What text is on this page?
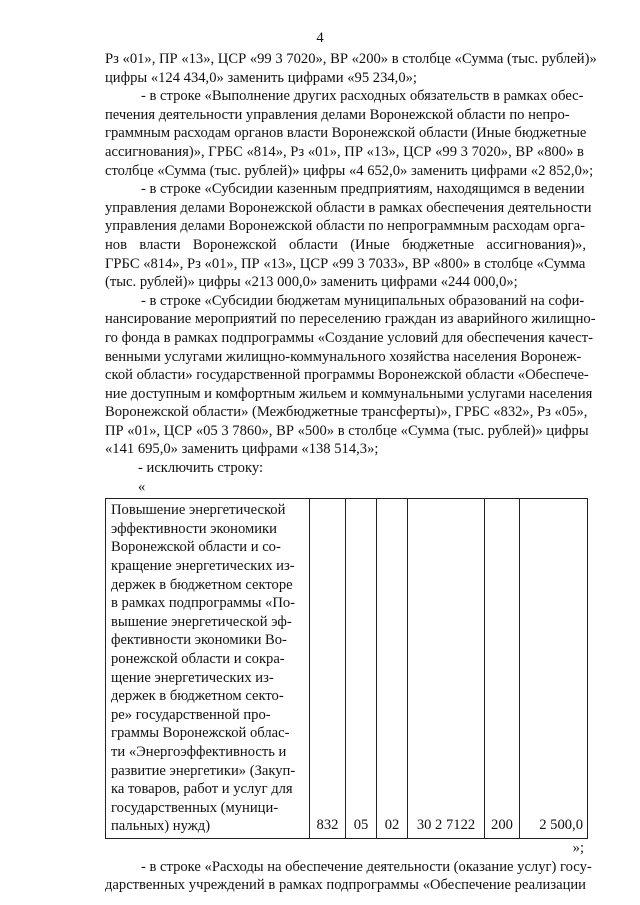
4
Рз «01», ПР «13», ЦСР «99 3 7020», ВР «200» в столбце «Сумма (тыс. рублей)»
цифры «124 434,0» заменить цифрами «95 234,0»;
- в строке «Выполнение других расходных обязательств в рамках обес-
печения деятельности управления делами Воронежской области по непро-
граммным расходам органов власти Воронежской области (Иные бюджетные
ассигнования)», ГРБС «814», Рз «01», ПР «13», ЦСР «99 3 7020», ВР «800» в
столбце «Сумма (тыс. рублей)» цифры «4 652,0» заменить цифрами «2 852,0»;
- в строке «Субсидии казенным предприятиям, находящимся в ведении
управления делами Воронежской области в рамках обеспечения деятельности
управления делами Воронежской области по непрограммным расходам орга-
нов власти Воронежской области (Иные бюджетные ассигнования)»,
ГРБС «814», Рз «01», ПР «13», ЦСР «99 3 7033», ВР «800» в столбце «Сумма
(тыс. рублей)» цифры «213 000,0» заменить цифрами «244 000,0»;
- в строке «Субсидии бюджетам муниципальных образований на софи-
нансирование мероприятий по переселению граждан из аварийного жилищно-
го фонда в рамках подпрограммы «Создание условий для обеспечения качест-
венными услугами жилищно-коммунального хозяйства населения Воронеж-
ской области» государственной программы Воронежской области «Обеспече-
ние доступным и комфортным жильем и коммунальными услугами населения
Воронежской области» (Межбюджетные трансферты)», ГРБС «832», Рз «05»,
ПР «01», ЦСР «05 3 7860», ВР «500» в столбце «Сумма (тыс. рублей)» цифры
«141 695,0» заменить цифрами «138 514,3»;
- исключить строку:
«
Повышение энергетической
эффективности экономики
Воронежской области и со-
кращение энергетических из-
держек в бюджетном секторе
в рамках подпрограммы «По-
вышение энергетической эф-
фективности экономики Во-
ронежской области и сокра-
щение энергетических из-
держек в бюджетном секто-
ре» государственной про-
граммы Воронежской облас-
ти «Энергоэффективность и
развитие энергетики» (Закуп-
ка товаров, работ и услуг для
государственных (муници-
пальных) нужд)	832	05	02	30 2 7122	200	2 500,0
»;
- в строке «Расходы на обеспечение деятельности (оказание услуг) госу-
дарственных учреждений в рамках подпрограммы «Обеспечение реализации
